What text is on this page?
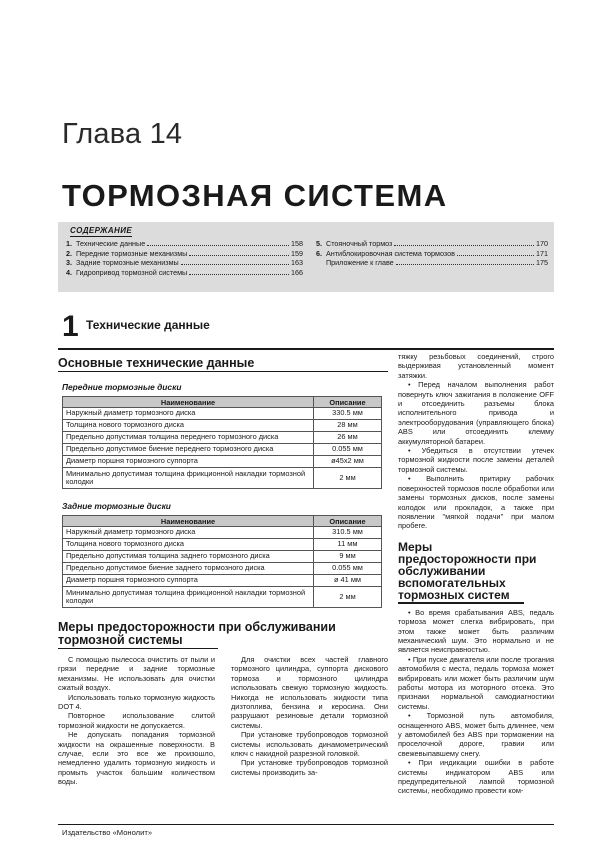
Глава 14
ТОРМОЗНАЯ СИСТЕМА
СОДЕРЖАНИЕ
1. Технические данные	158
2. Передние тормозные механизмы	159
3. Задние тормозные механизмы	163
4. Гидропривод тормозной системы	166
5. Стояночный тормоз	170
6. Антиблокировочная система тормозов	171
Приложение к главе	175
1 Технические данные
Основные технические данные
Передние тормозные диски
Наименование	Описание
Наружный диаметр тормозного диска	330.5 мм
Толщина нового тормозного диска	28 мм
Предельно допустимая толщина переднего тормозного диска	26 мм
Предельно допустимое биение переднего тормозного диска	0.055 мм
Диаметр поршня тормозного суппорта	ø45x2 мм
Минимально допустимая толщина фрикционной накладки тормозной колодки	2 мм
Задние тормозные диски
Наименование	Описание
Наружный диаметр тормозного диска	310.5 мм
Толщина нового тормозного диска	11 мм
Предельно допустимая толщина заднего тормозного диска	9 мм
Предельно допустимое биение заднего тормозного диска	0.055 мм
Диаметр поршня тормозного суппорта	ø 41 мм
Минимально допустимая толщина фрикционной накладки тормозной колодки	2 мм
Меры предосторожности при обслуживании тормозной системы

С помощью пылесоса очистить от пыли и грязи передние и задние тормозные механизмы. Не использовать для очистки сжатый воздух.

Использовать только тормозную жидкость DOT 4.

Повторное использование слитой тормозной жидкости не допускается.

Не допускать попадания тормозной жидкости на окрашенные поверхности. В случае, если это все же произошло, немедленно удалить тормозную жидкость и промыть участок большим количеством воды.

Для очистки всех частей главного тормозного цилиндра, суппорта дискового тормоза и тормозного цилиндра использовать свежую тормозную жидкость. Никогда не использовать жидкости типа дизтоплива, бензина и керосина. Они разрушают резиновые детали тормозной системы.

При установке трубопроводов тормозной системы использовать динамометрический ключ с накидной разрезной головкой.

При установке трубопроводов тормозной системы производить за-

тяжку резьбовых соединений, строго выдерживая установленный момент затяжки.

• Перед началом выполнения работ повернуть ключ зажигания в положение OFF и отсоединить разъемы блока исполнительного привода и электрооборудования (управляющего блока) ABS или отсоединить клемму аккумуляторной батареи.

• Убедиться в отсутствии утечек тормозной жидкости после замены деталей тормозной системы.

• Выполнить притирку рабочих поверхностей тормозов после обработки или замены тормозных дисков, после замены колодок или прокладок, а также при появлении "мягкой подачи" при малом пробеге.

Меры предосторожности при обслуживании вспомогательных тормозных систем

• Во время срабатывания ABS, педаль тормоза может слегка вибрировать, при этом также может быть различим механический шум. Это нормально и не является неисправностью.

• При пуске двигателя или после трогания автомобиля с места, педаль тормоза может вибрировать или может быть различим шум работы мотора из моторного отсека. Это признаки нормальной самодиагностики системы.

• Тормозной путь автомобиля, оснащенного ABS, может быть длиннее, чем у автомобилей без ABS при торможении на проселочной дороге, гравии или свежевыпавшему снегу.

• При индикации ошибки в работе системы индикатором ABS или предупредительной лампой тормозной системы, необходимо провести ком-

Издательство «Монолит»
